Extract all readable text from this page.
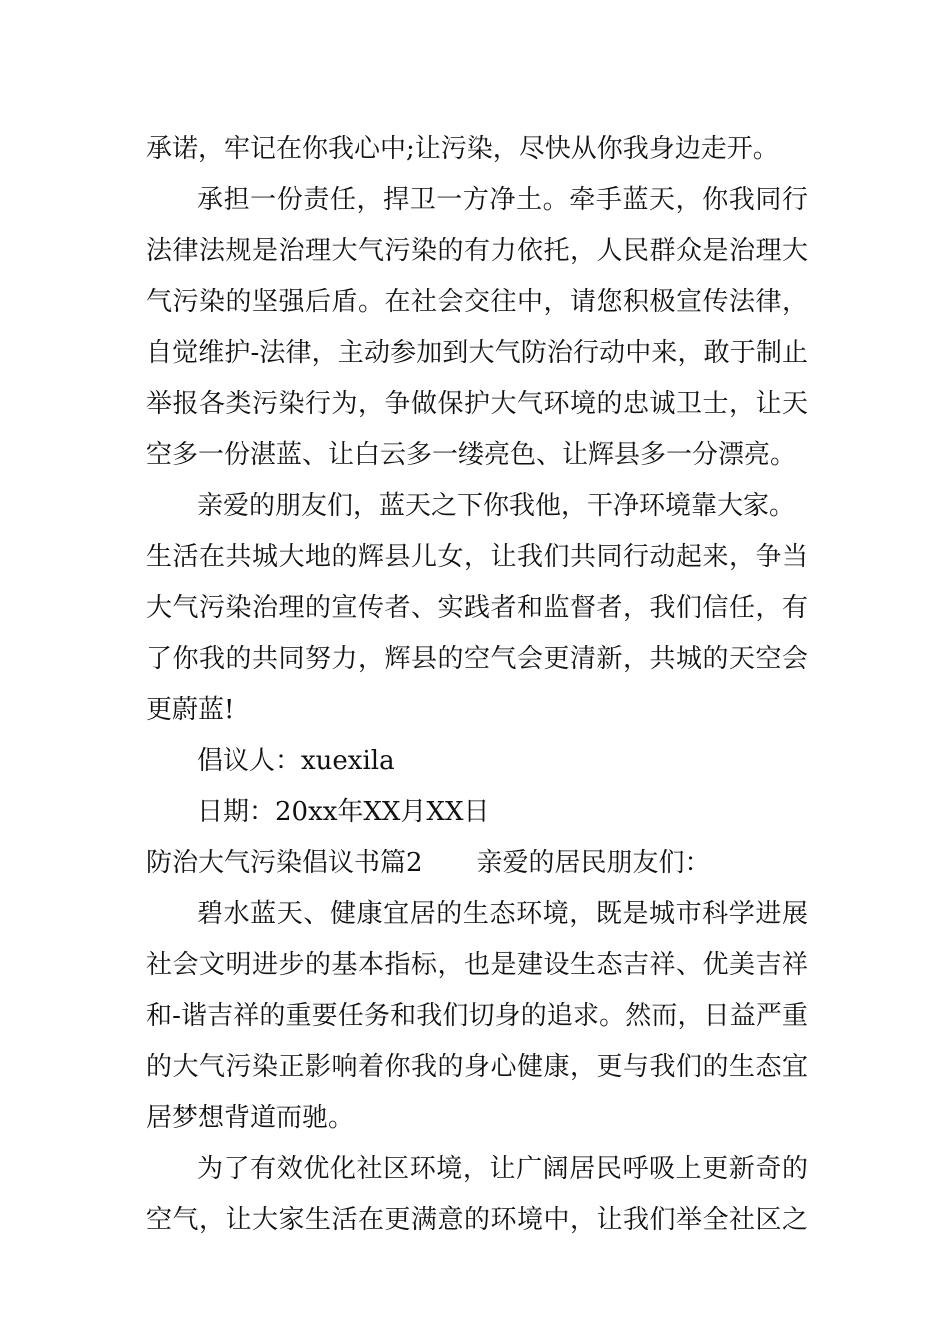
承诺，牢记在你我心中;让污染，尽快从你我身边走开。
承担一份责任，捍卫一方净土。牵手蓝天，你我同行
法律法规是治理大气污染的有力依托，人民群众是治理大
气污染的坚强后盾。在社会交往中，请您积极宣传法律，
自觉维护-法律，主动参加到大气防治行动中来，敢于制止
举报各类污染行为，争做保护大气环境的忠诚卫士，让天
空多一份湛蓝、让白云多一缕亮色、让辉县多一分漂亮。
亲爱的朋友们，蓝天之下你我他，干净环境靠大家。
生活在共城大地的辉县儿女，让我们共同行动起来，争当
大气污染治理的宣传者、实践者和监督者，我们信任，有
了你我的共同努力，辉县的空气会更清新，共城的天空会
更蔚蓝!
倡议人：xuexila
日期：20xx年XX月XX日
防治大气污染倡议书篇2 亲爱的居民朋友们：
碧水蓝天、健康宜居的生态环境，既是城市科学进展
社会文明进步的基本指标，也是建设生态吉祥、优美吉祥
和-谐吉祥的重要任务和我们切身的追求。然而，日益严重
的大气污染正影响着你我的身心健康，更与我们的生态宜
居梦想背道而驰。
为了有效优化社区环境，让广阔居民呼吸上更新奇的
空气，让大家生活在更满意的环境中，让我们举全社区之
